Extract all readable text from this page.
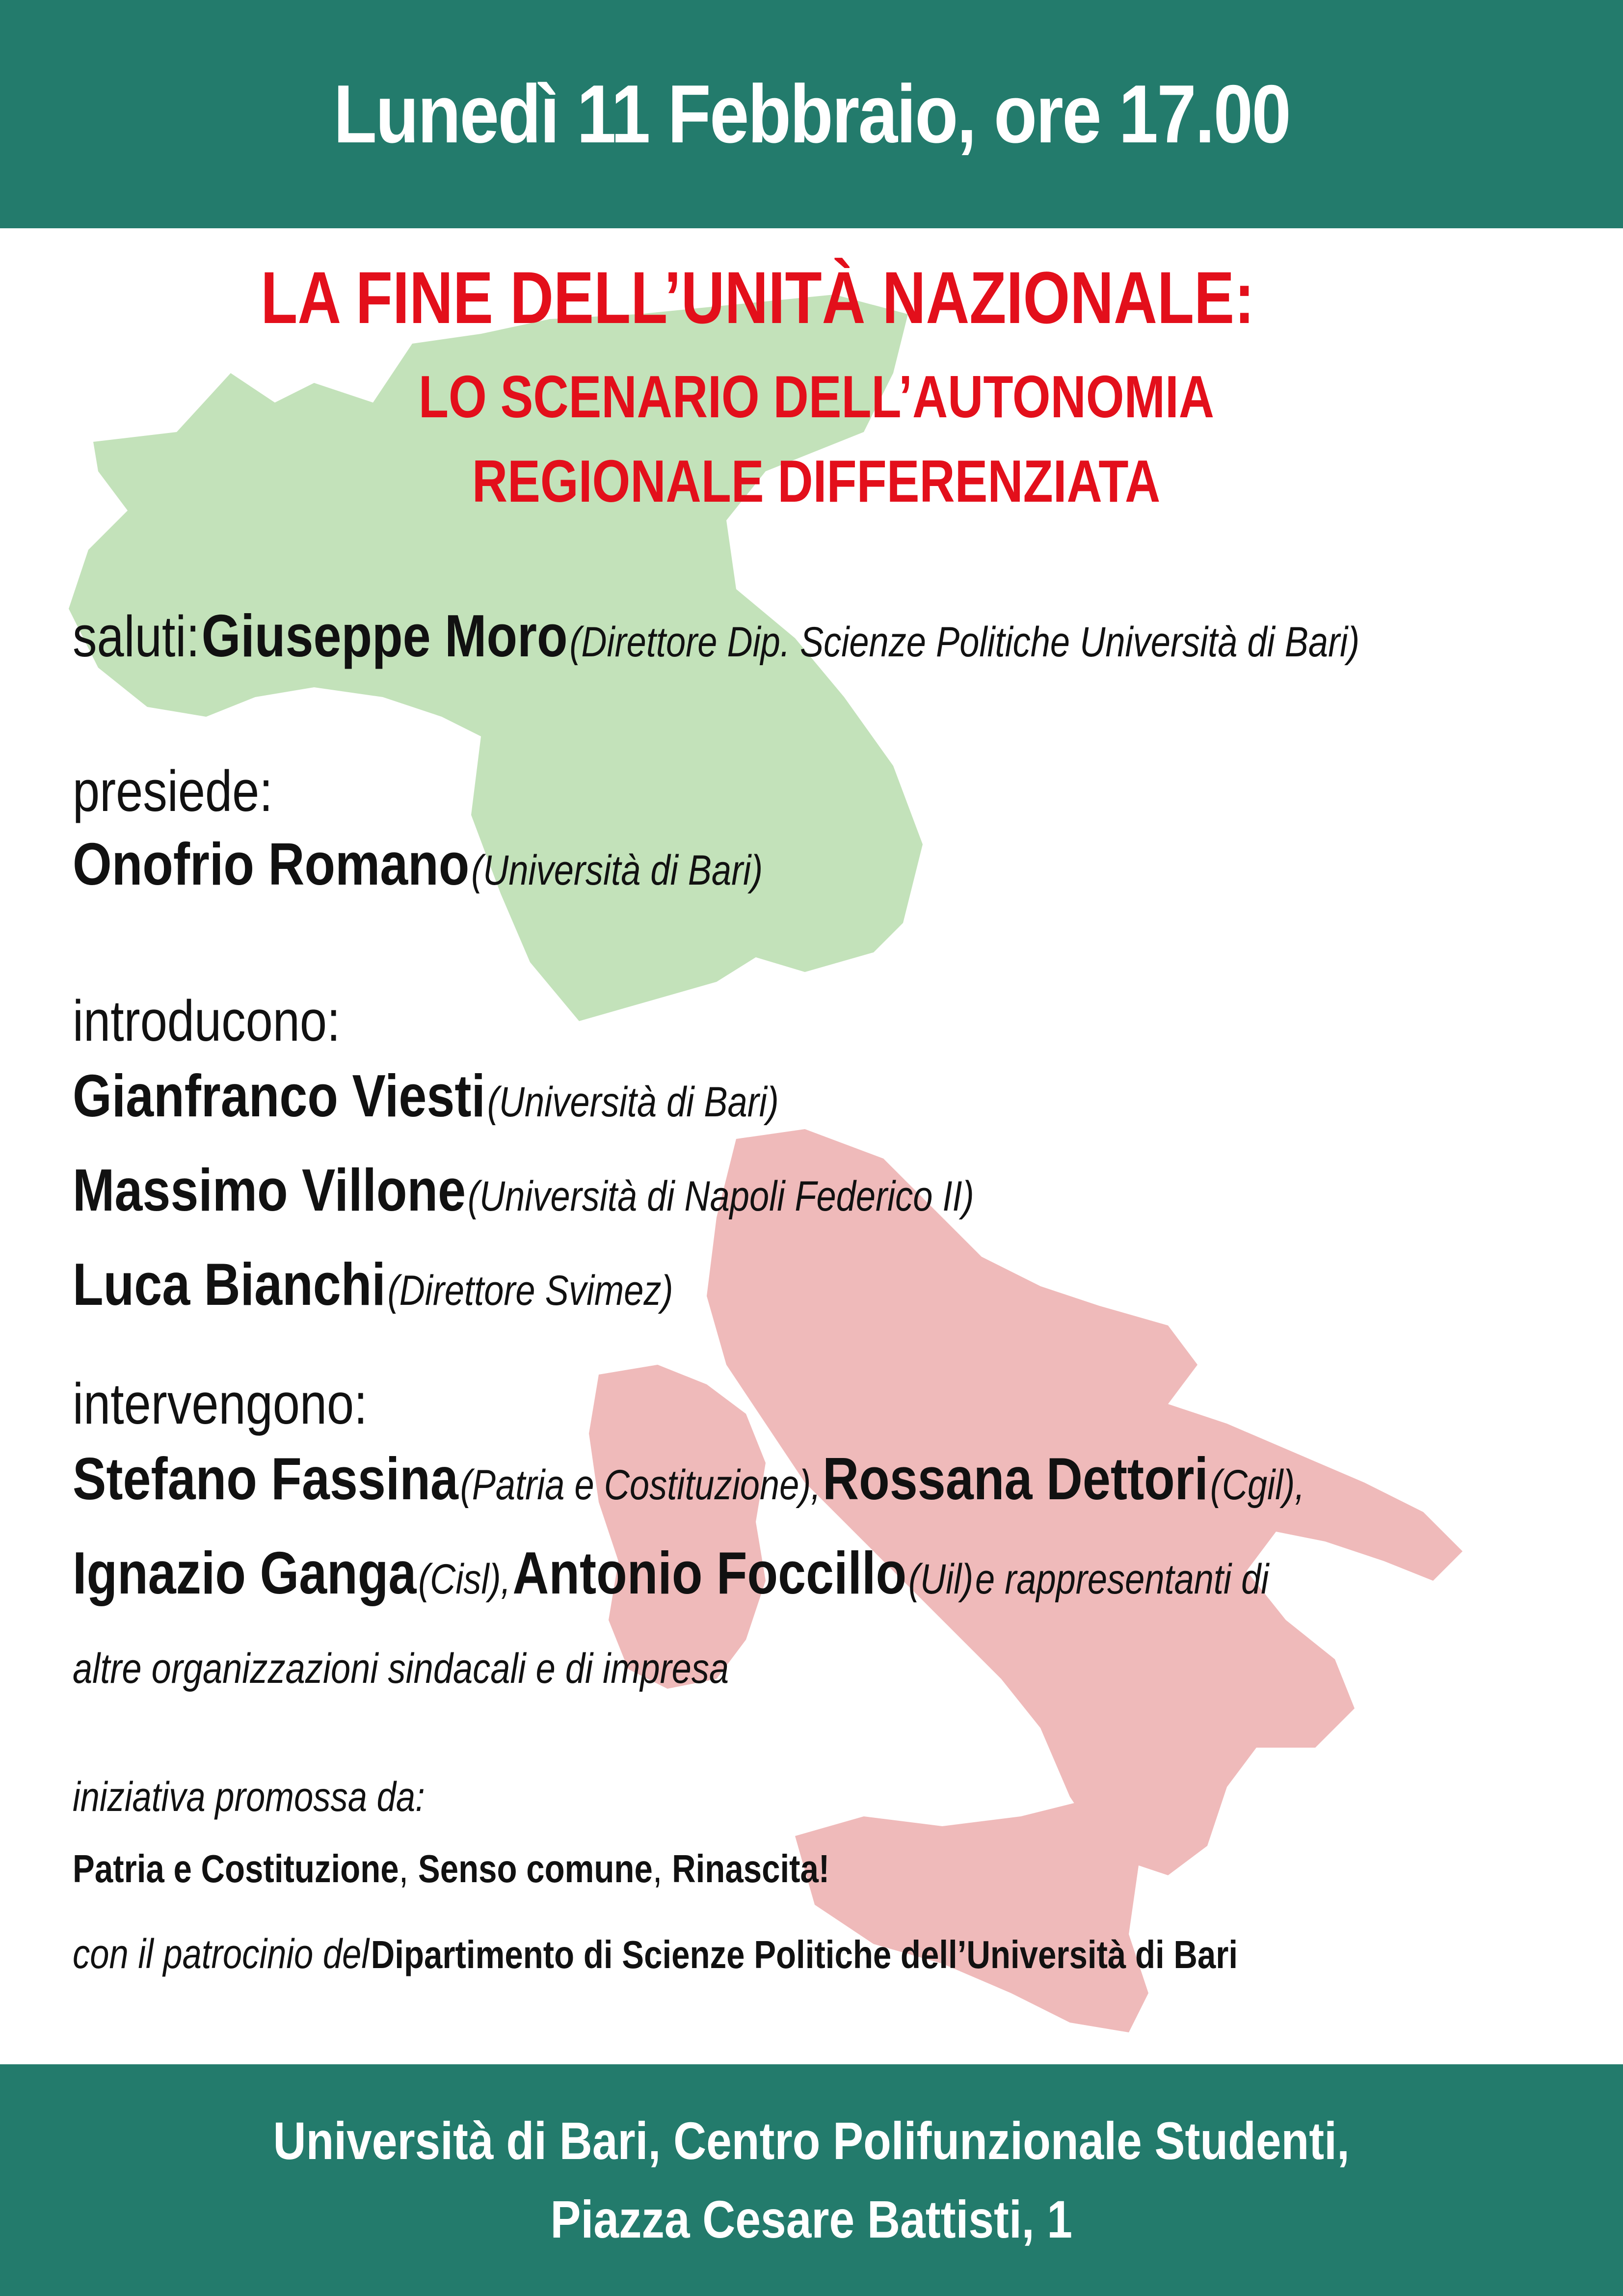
Lunedì 11 Febbraio, ore 17.00
LA FINE DELL’UNITÀ NAZIONALE:
LO SCENARIO DELL’AUTONOMIA
REGIONALE DIFFERENZIATA
saluti: Giuseppe Moro (Direttore Dip. Scienze Politiche Università di Bari)
presiede:
Onofrio Romano (Università di Bari)
introducono:
Gianfranco Viesti (Università di Bari)
Massimo Villone (Università di Napoli Federico II)
Luca Bianchi (Direttore Svimez)
intervengono:
Stefano Fassina (Patria e Costituzione), Rossana Dettori (Cgil),
Ignazio Ganga (Cisl), Antonio Foccillo (Uil) e rappresentanti di
altre organizzazioni sindacali e di impresa
iniziativa promossa da:
Patria e Costituzione, Senso comune, Rinascita!
con il patrocinio del Dipartimento di Scienze Politiche dell’Università di Bari
Università di Bari, Centro Polifunzionale Studenti,
Piazza Cesare Battisti, 1
